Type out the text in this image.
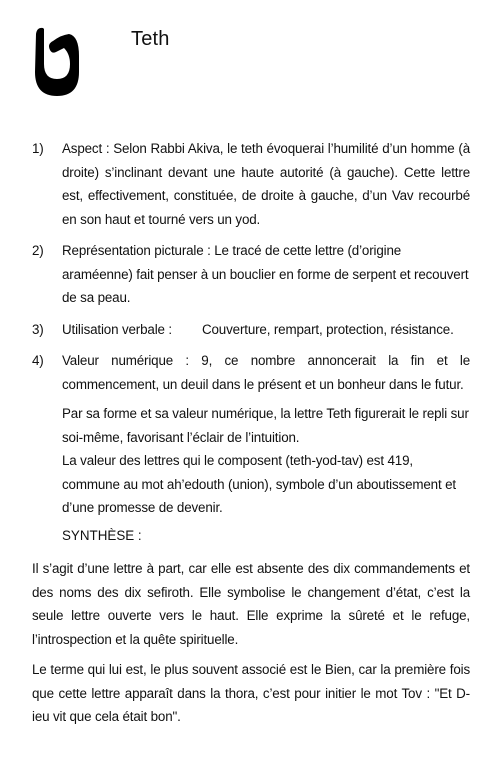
Teth
1)	Aspect : Selon Rabbi Akiva, le teth évoquerai l’humilité d’un homme (à droite) s’inclinant devant une haute autorité (à gauche). Cette lettre est, effectivement, constituée, de droite à gauche, d’un Vav recourbé en son haut et tourné vers un yod.
2)	Représentation picturale : Le tracé de cette lettre (d’origine araméenne) fait penser à un bouclier en forme de serpent et recouvert de sa peau.
3)	Utilisation verbale : Couverture, rempart, protection, résistance.
4)	Valeur numérique : 9, ce nombre annoncerait la fin et le commencement, un deuil dans le présent et un bonheur dans le futur.
Par sa forme et sa valeur numérique, la lettre Teth figurerait le repli sur soi-même, favorisant l’éclair de l’intuition.
La valeur des lettres qui le composent (teth-yod-tav) est 419, commune au mot ah’edouth (union), symbole d’un aboutissement et d’une promesse de devenir.
SYNTHÈSE :
Il s’agit d’une lettre à part, car elle est absente des dix commandements et des noms des dix sefiroth. Elle symbolise le changement d’état, c’est la seule lettre ouverte vers le haut. Elle exprime la sûreté et le refuge, l’introspection et la quête spirituelle.
Le terme qui lui est, le plus souvent associé est le Bien, car la première fois que cette lettre apparaît dans la thora, c’est pour initier le mot Tov : "Et D-ieu vit que cela était bon".
